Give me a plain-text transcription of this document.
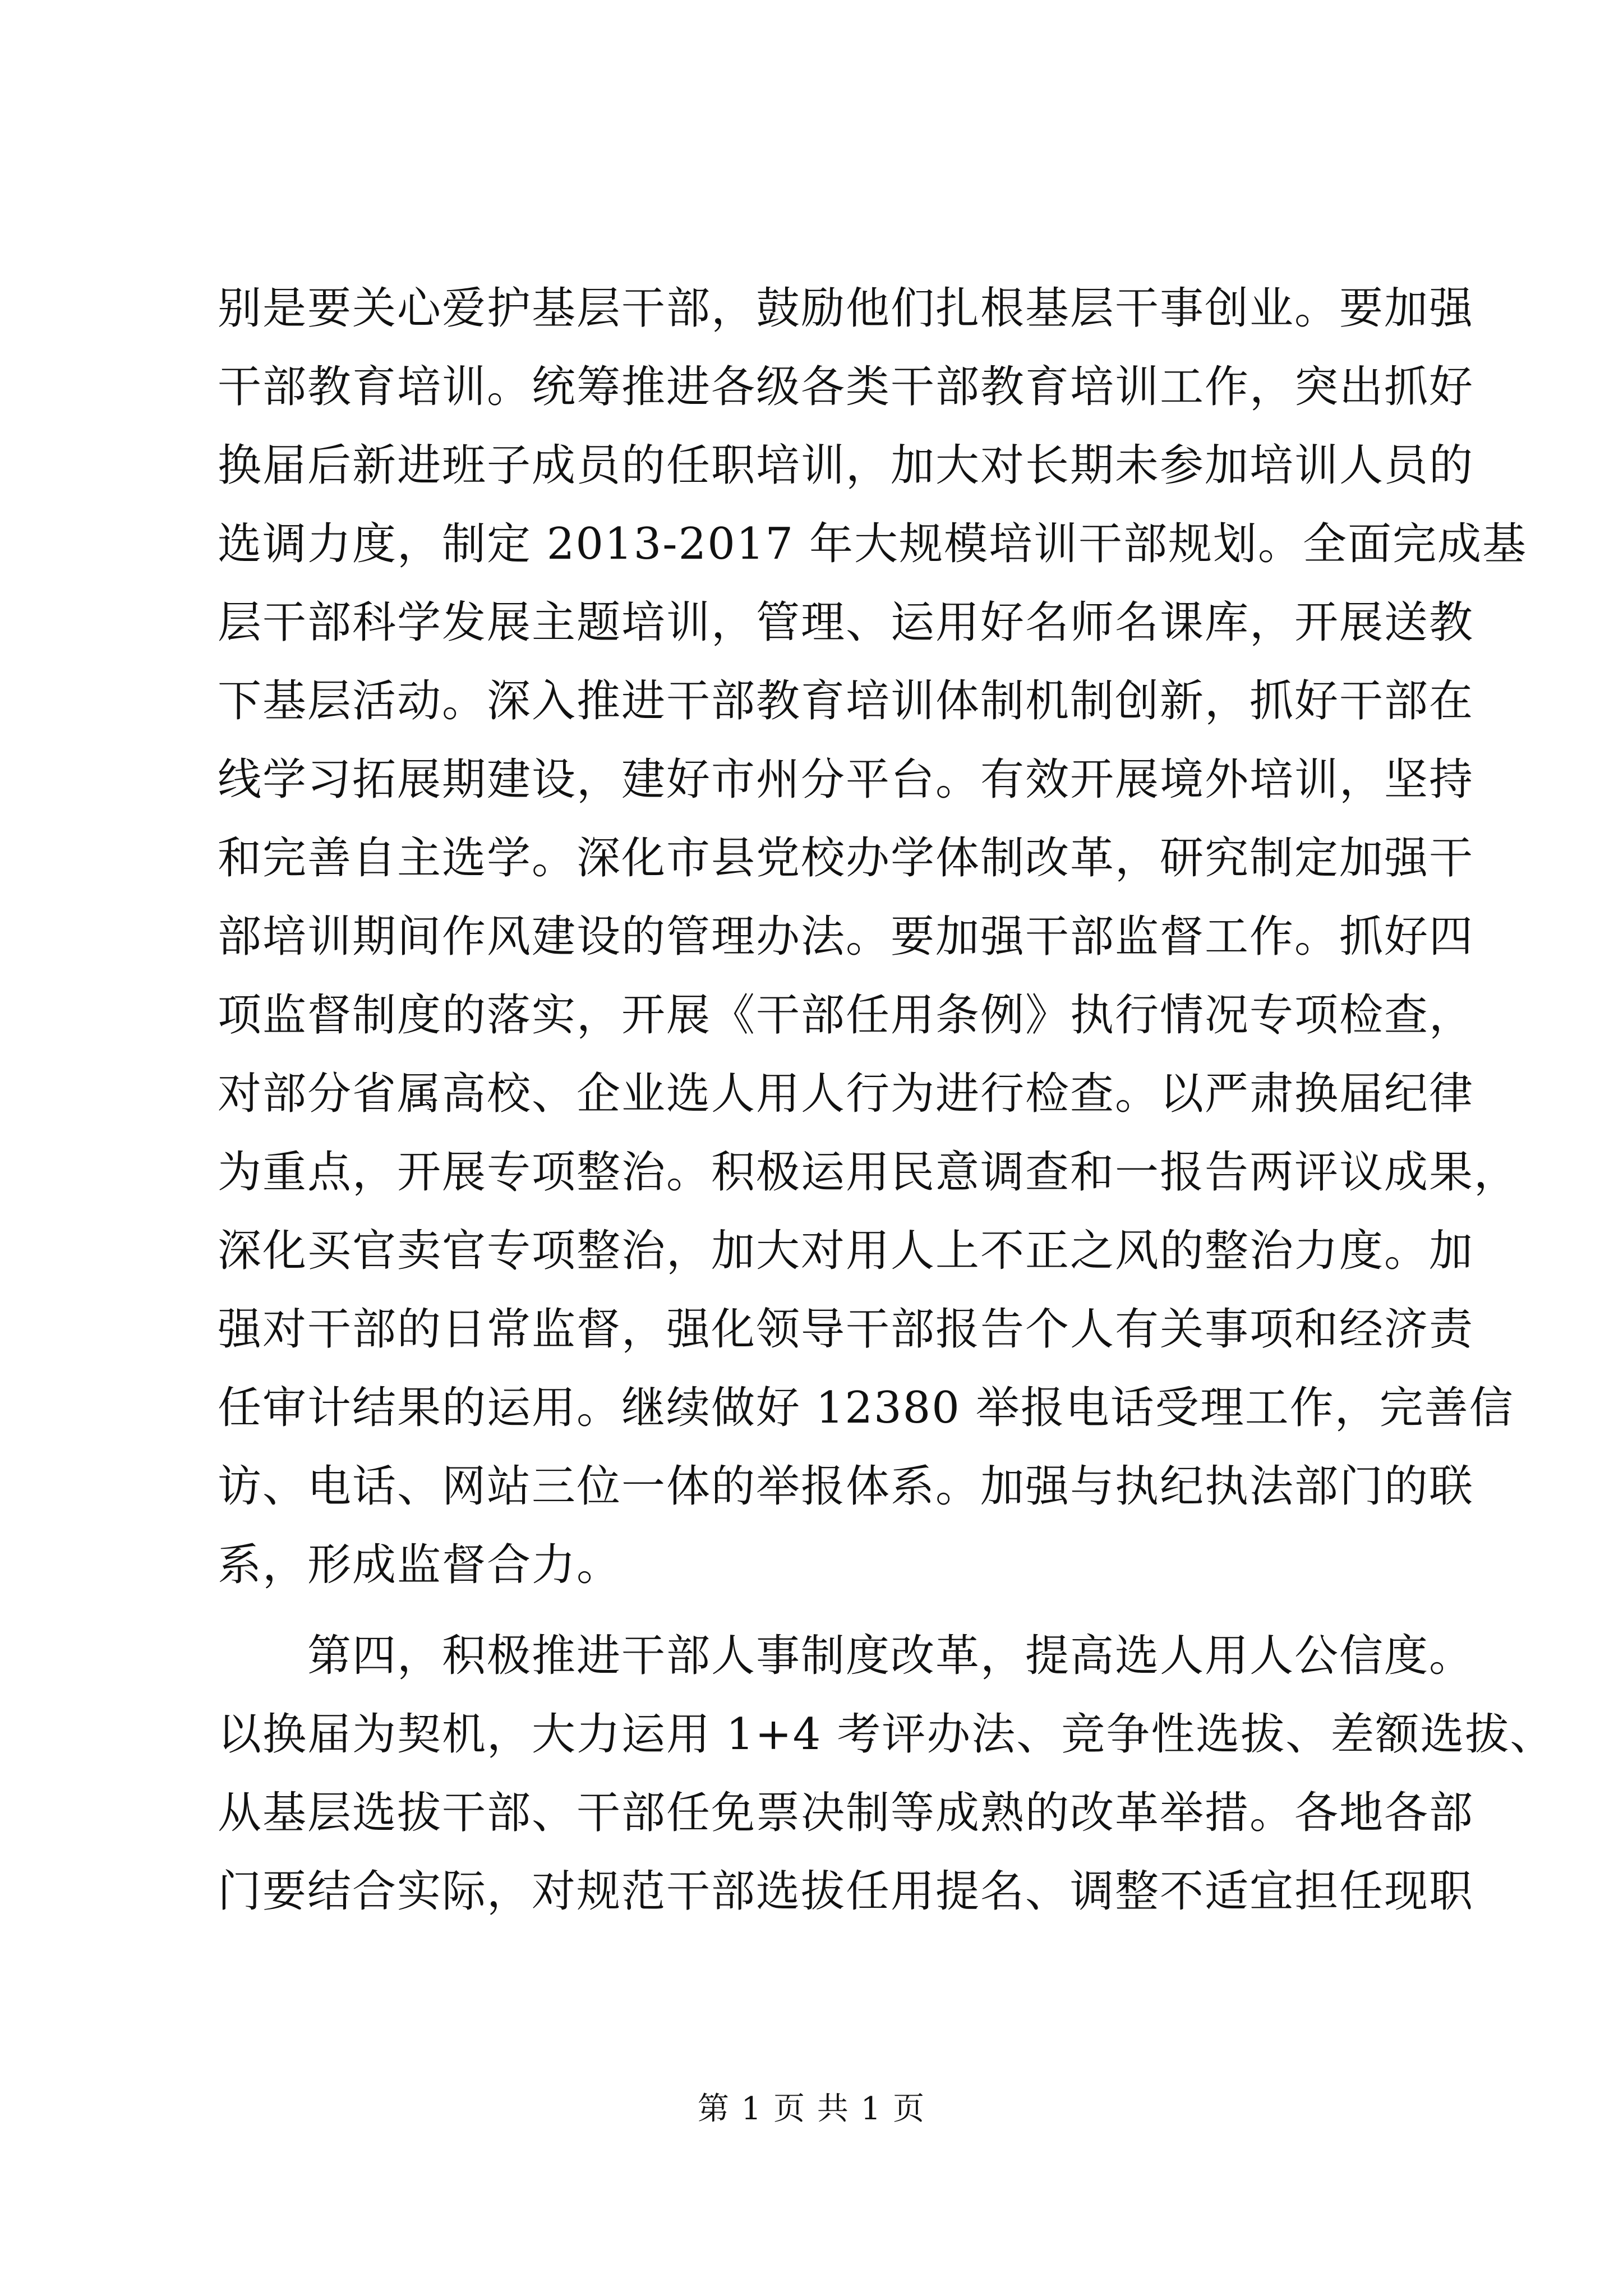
别是要关心爱护基层干部，鼓励他们扎根基层干事创业。要加强
干部教育培训。统筹推进各级各类干部教育培训工作，突出抓好
换届后新进班子成员的任职培训，加大对长期未参加培训人员的
选调力度，制定 2013-2017 年大规模培训干部规划。全面完成基
层干部科学发展主题培训，管理、运用好名师名课库，开展送教
下基层活动。深入推进干部教育培训体制机制创新，抓好干部在
线学习拓展期建设，建好市州分平台。有效开展境外培训，坚持
和完善自主选学。深化市县党校办学体制改革，研究制定加强干
部培训期间作风建设的管理办法。要加强干部监督工作。抓好四
项监督制度的落实，开展《干部任用条例》执行情况专项检查，
对部分省属高校、企业选人用人行为进行检查。以严肃换届纪律
为重点，开展专项整治。积极运用民意调查和一报告两评议成果，
深化买官卖官专项整治，加大对用人上不正之风的整治力度。加
强对干部的日常监督，强化领导干部报告个人有关事项和经济责
任审计结果的运用。继续做好 12380 举报电话受理工作，完善信
访、电话、网站三位一体的举报体系。加强与执纪执法部门的联
系，形成监督合力。
第四，积极推进干部人事制度改革，提高选人用人公信度。
以换届为契机，大力运用 1+4 考评办法、竞争性选拔、差额选拔、
从基层选拔干部、干部任免票决制等成熟的改革举措。各地各部
门要结合实际，对规范干部选拔任用提名、调整不适宜担任现职
第 1 页 共 1 页
